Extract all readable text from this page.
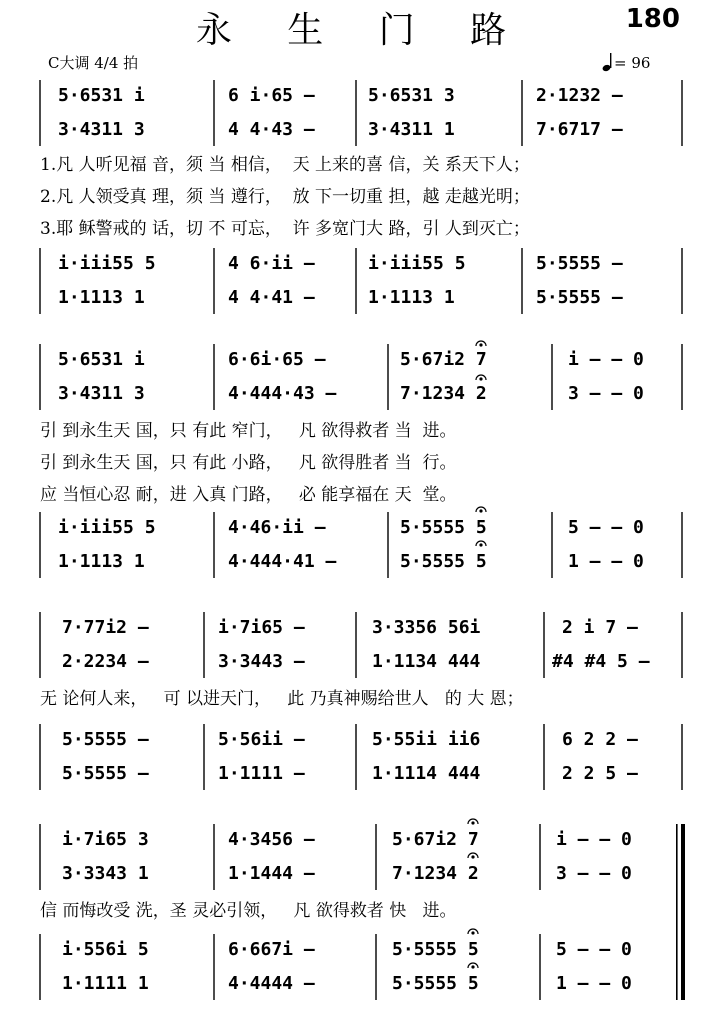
永 生 门 路	180
C大调 4/4 拍	= 96
5·6531 i	6 i·65 –	5·6531 3	2·1232 –
3·4311 3	4 4·43 –	3·4311 1	7·6717 –
1.凡 人听见福 音，须 当 相信，  天 上来的喜 信，关 系天下人；
2.凡 人领受真 理，须 当 遵行，  放 下一切重 担，越 走越光明；
3.耶 稣警戒的 话，切 不 可忘，  许 多宽门大 路，引 人到灭亡；
i·iii55 5	4 6·ii –	i·iii55 5	5·5555 –
1·1113 1	4 4·41 –	1·1113 1	5·5555 –
5·6531 i	6·6i·65 –	5·67i2 7	i – – 0
3·4311 3	4·444·43 –	7·1234 2	3 – – 0
引 到永生天 国，只 有此 窄门，   凡 欲得救者 当  进。
引 到永生天 国，只 有此 小路，   凡 欲得胜者 当  行。
应 当恒心忍 耐，进 入真 门路，   必 能享福在 天  堂。
i·iii55 5	4·46·ii –	5·5555 5	5 – – 0
1·1113 1	4·444·41 –	5·5555 5	1 – – 0
7·77i2 –	i·7i65 –	3·3356 56i	2 i 7 –
2·2234 –	3·3443 –	1·1134 444	#4 #4 5 –
无 论何人来，   可 以进天门，   此 乃真神赐给世人   的 大 恩；
5·5555 –	5·56ii –	5·55ii ii6	6 2 2 –
5·5555 –	1·1111 –	1·1114 444	2 2 5 –
i·7i65 3	4·3456 –	5·67i2 7	i – – 0
3·3343 1	1·1444 –	7·1234 2	3 – – 0
信 而悔改受 洗，圣 灵必引领，   凡 欲得救者 快   进。
i·556i 5	6·667i –	5·5555 5	5 – – 0
1·1111 1	4·4444 –	5·5555 5	1 – – 0
